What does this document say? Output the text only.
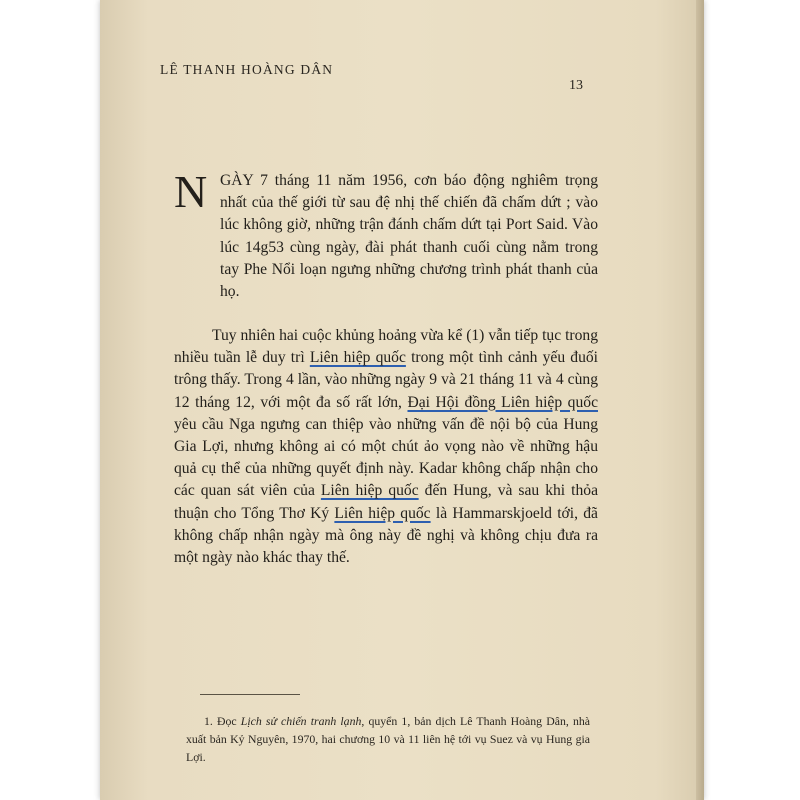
LÊ THANH HOÀNG DÂN
13

N GÀY 7 tháng 11 năm 1956, cơn báo động nghiêm trọng nhất của thế giới từ sau đệ nhị thế chiến đã chấm dứt ; vào lúc không giờ, những trận đánh chấm dứt tại Port Said. Vào lúc 14g53 cùng ngày, đài phát thanh cuối cùng nằm trong tay Phe Nổi loạn ngưng những chương trình phát thanh của họ.

Tuy nhiên hai cuộc khủng hoảng vừa kể (1) vẫn tiếp tục trong nhiều tuần lễ duy trì Liên hiệp quốc trong một tình cảnh yếu đuối trông thấy. Trong 4 lần, vào những ngày 9 và 21 tháng 11 và 4 cùng 12 tháng 12, với một đa số rất lớn, Đại Hội đồng Liên hiệp quốc yêu cầu Nga ngưng can thiệp vào những vấn đề nội bộ của Hung Gia Lợi, nhưng không ai có một chút ảo vọng nào về những hậu quả cụ thể của những quyết định này. Kadar không chấp nhận cho các quan sát viên của Liên hiệp quốc đến Hung, và sau khi thỏa thuận cho Tổng Thơ Ký Liên hiệp quốc là Hammarskjoeld tới, đã không chấp nhận ngày mà ông này đề nghị và không chịu đưa ra một ngày nào khác thay thế.

1. Đọc Lịch sử chiến tranh lạnh, quyển 1, bản dịch Lê Thanh Hoàng Dân, nhà xuất bản Kỷ Nguyên, 1970, hai chương 10 và 11 liên hệ tới vụ Suez và vụ Hung gia Lợi.
